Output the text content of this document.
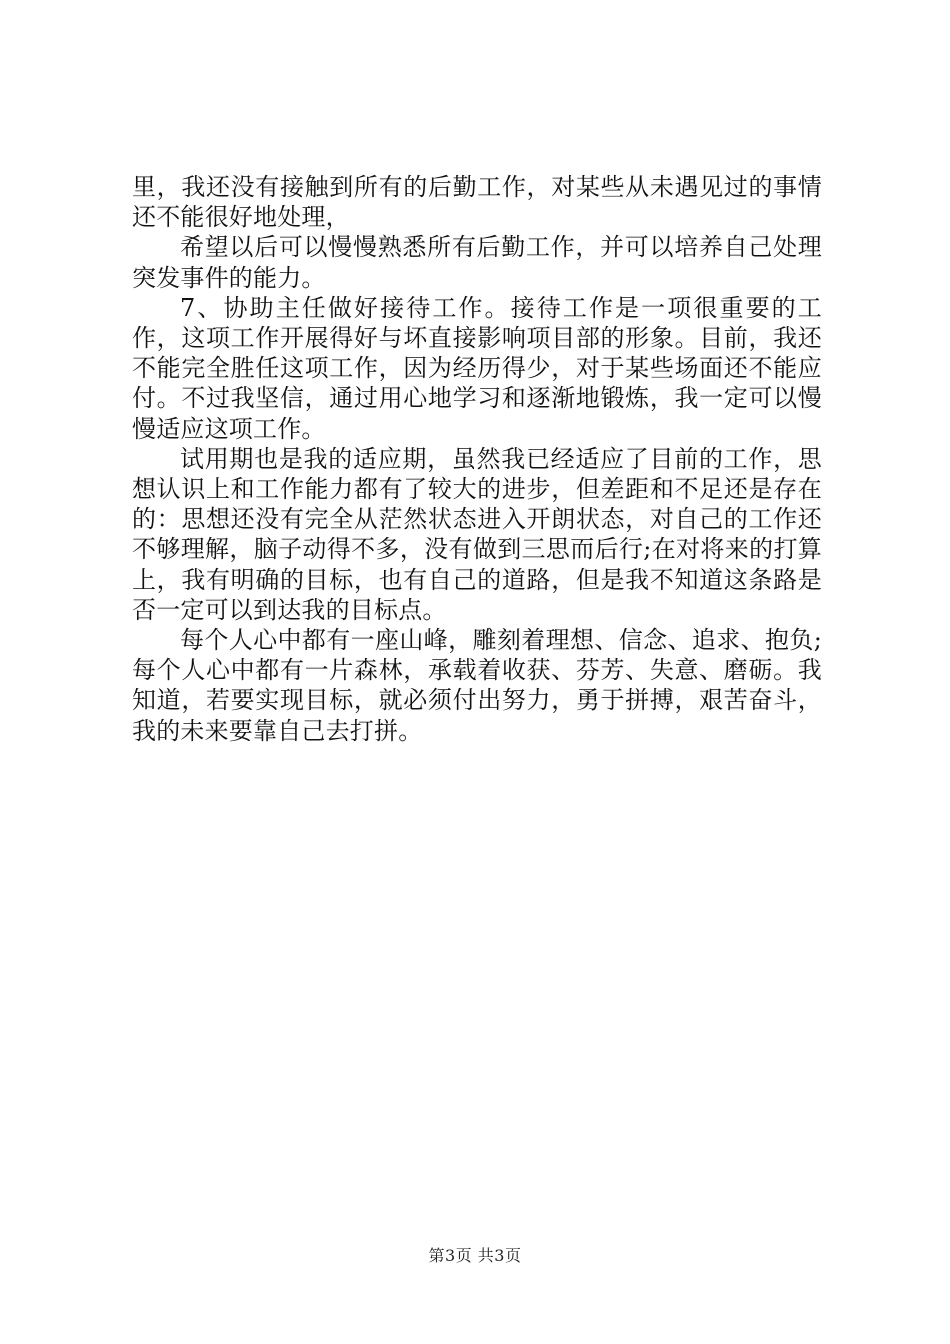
里，我还没有接触到所有的后勤工作，对某些从未遇见过的事情还不能很好地处理，

希望以后可以慢慢熟悉所有后勤工作，并可以培养自己处理突发事件的能力。

7、协助主任做好接待工作。接待工作是一项很重要的工作，这项工作开展得好与坏直接影响项目部的形象。目前，我还不能完全胜任这项工作，因为经历得少，对于某些场面还不能应付。不过我坚信，通过用心地学习和逐渐地锻炼，我一定可以慢慢适应这项工作。

试用期也是我的适应期，虽然我已经适应了目前的工作，思想认识上和工作能力都有了较大的进步，但差距和不足还是存在的：思想还没有完全从茫然状态进入开朗状态，对自己的工作还不够理解，脑子动得不多，没有做到三思而后行;在对将来的打算上，我有明确的目标，也有自己的道路，但是我不知道这条路是否一定可以到达我的目标点。

每个人心中都有一座山峰，雕刻着理想、信念、追求、抱负;每个人心中都有一片森林，承载着收获、芬芳、失意、磨砺。我知道，若要实现目标，就必须付出努力，勇于拼搏，艰苦奋斗，我的未来要靠自己去打拼。

第3页 共3页
